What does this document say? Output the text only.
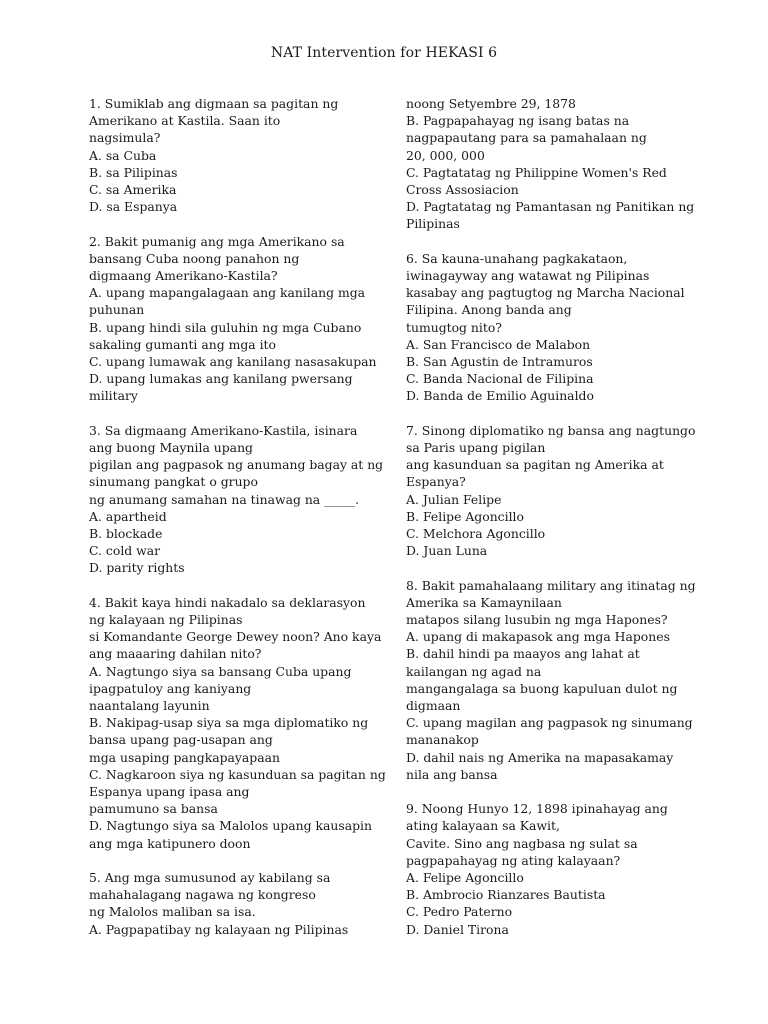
NAT Intervention for HEKASI 6
1. Sumiklab ang digmaan sa pagitan ng
Amerikano at Kastila. Saan ito
nagsimula?
A. sa Cuba
B. sa Pilipinas
C. sa Amerika
D. sa Espanya
2. Bakit pumanig ang mga Amerikano sa
bansang Cuba noong panahon ng
digmaang Amerikano-Kastila?
A. upang mapangalagaan ang kanilang mga
puhunan
B. upang hindi sila guluhin ng mga Cubano
sakaling gumanti ang mga ito
C. upang lumawak ang kanilang nasasakupan
D. upang lumakas ang kanilang pwersang
military
3. Sa digmaang Amerikano-Kastila, isinara
ang buong Maynila upang
pigilan ang pagpasok ng anumang bagay at ng
sinumang pangkat o grupo
ng anumang samahan na tinawag na _____.
A. apartheid
B. blockade
C. cold war
D. parity rights
4. Bakit kaya hindi nakadalo sa deklarasyon
ng kalayaan ng Pilipinas
si Komandante George Dewey noon? Ano kaya
ang maaaring dahilan nito?
A. Nagtungo siya sa bansang Cuba upang
ipagpatuloy ang kaniyang
naantalang layunin
B. Nakipag-usap siya sa mga diplomatiko ng
bansa upang pag-usapan ang
mga usaping pangkapayapaan
C. Nagkaroon siya ng kasunduan sa pagitan ng
Espanya upang ipasa ang
pamumuno sa bansa
D. Nagtungo siya sa Malolos upang kausapin
ang mga katipunero doon
5. Ang mga sumusunod ay kabilang sa
mahahalagang nagawa ng kongreso
ng Malolos maliban sa isa.
A. Pagpapatibay ng kalayaan ng Pilipinas
noong Setyembre 29, 1878
B. Pagpapahayag ng isang batas na
nagpapautang para sa pamahalaan ng
20, 000, 000
C. Pagtatatag ng Philippine Women's Red
Cross Assosiacion
D. Pagtatatag ng Pamantasan ng Panitikan ng
Pilipinas
6. Sa kauna-unahang pagkakataon,
iwinagayway ang watawat ng Pilipinas
kasabay ang pagtugtog ng Marcha Nacional
Filipina. Anong banda ang
tumugtog nito?
A. San Francisco de Malabon
B. San Agustin de Intramuros
C. Banda Nacional de Filipina
D. Banda de Emilio Aguinaldo
7. Sinong diplomatiko ng bansa ang nagtungo
sa Paris upang pigilan
ang kasunduan sa pagitan ng Amerika at
Espanya?
A. Julian Felipe
B. Felipe Agoncillo
C. Melchora Agoncillo
D. Juan Luna
8. Bakit pamahalaang military ang itinatag ng
Amerika sa Kamaynilaan
matapos silang lusubin ng mga Hapones?
A. upang di makapasok ang mga Hapones
B. dahil hindi pa maayos ang lahat at
kailangan ng agad na
mangangalaga sa buong kapuluan dulot ng
digmaan
C. upang magilan ang pagpasok ng sinumang
mananakop
D. dahil nais ng Amerika na mapasakamay
nila ang bansa
9. Noong Hunyo 12, 1898 ipinahayag ang
ating kalayaan sa Kawit,
Cavite. Sino ang nagbasa ng sulat sa
pagpapahayag ng ating kalayaan?
A. Felipe Agoncillo
B. Ambrocio Rianzares Bautista
C. Pedro Paterno
D. Daniel Tirona
